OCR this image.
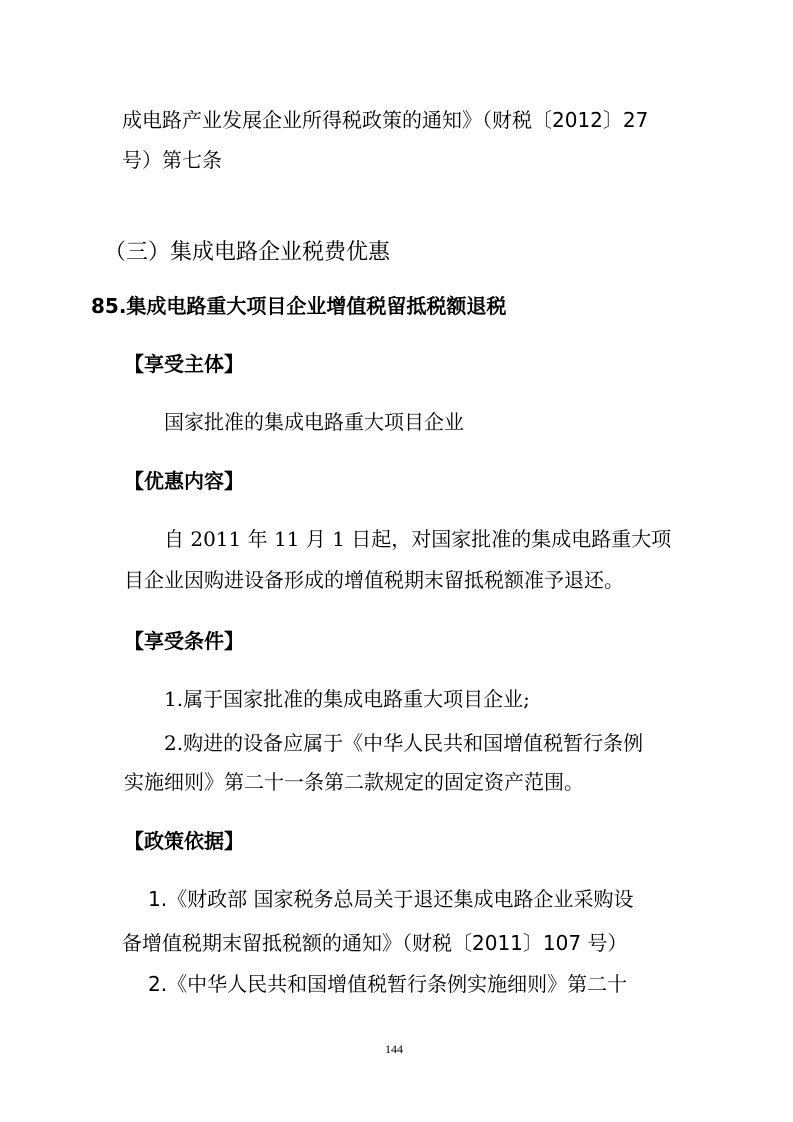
成电路产业发展企业所得税政策的通知》（财税〔2012〕27
号）第七条
（三）集成电路企业税费优惠
85.集成电路重大项目企业增值税留抵税额退税
【享受主体】
国家批准的集成电路重大项目企业
【优惠内容】
自 2011 年 11 月 1 日起，对国家批准的集成电路重大项
目企业因购进设备形成的增值税期末留抵税额准予退还。
【享受条件】
1.属于国家批准的集成电路重大项目企业;
2.购进的设备应属于《中华人民共和国增值税暂行条例
实施细则》第二十一条第二款规定的固定资产范围。
【政策依据】
1.《财政部 国家税务总局关于退还集成电路企业采购设
备增值税期末留抵税额的通知》（财税〔2011〕107 号）
2.《中华人民共和国增值税暂行条例实施细则》第二十
144
